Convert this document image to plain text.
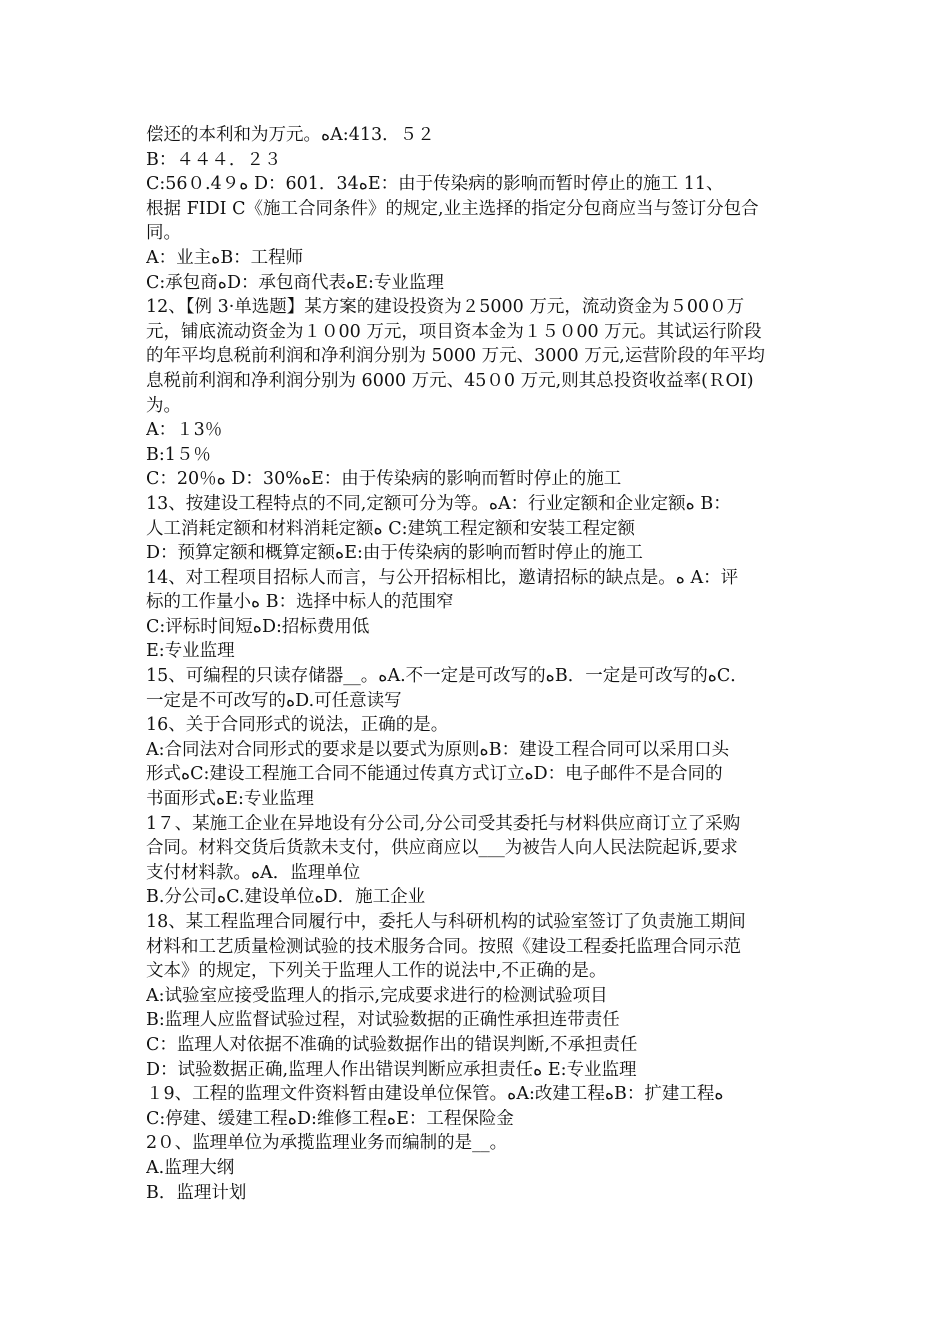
偿还的本利和为万元。ﻩA:413．５２
B：４４４．２３
C:56０.4９ﻩ D：601．34ﻩE：由于传染病的影响而暂时停止的施工 11、
根据 FIDI C《施工合同条件》的规定,业主选择的指定分包商应当与签订分包合
同。
A：业主ﻩB：工程师
C:承包商ﻩD：承包商代表ﻩE:专业监理
12、【例 3·单选题】某方案的建设投资为２5000 万元，流动资金为５00０万
元，铺底流动资金为１０00 万元，项目资本金为１５０00 万元。其试运行阶段
的年平均息税前利润和净利润分别为 5000 万元、3000 万元,运营阶段的年平均
息税前利润和净利润分别为 6000 万元、45０0 万元,则其总投资收益率(ＲOI)
为。
A：１3％
B:1５％
C：20％ﻩ D：30%ﻩE：由于传染病的影响而暂时停止的施工
13、按建设工程特点的不同,定额可分为等。ﻩA：行业定额和企业定额ﻩ B：
人工消耗定额和材料消耗定额ﻩ C:建筑工程定额和安装工程定额
D：预算定额和概算定额ﻩE:由于传染病的影响而暂时停止的施工
14、对工程项目招标人而言，与公开招标相比，邀请招标的缺点是。ﻩ A：评
标的工作量小ﻩ B：选择中标人的范围窄
C:评标时间短ﻩD:招标费用低
E:专业监理
15、可编程的只读存储器__。ﻩA.不一定是可改写的ﻩB．一定是可改写的ﻩC．
一定是不可改写的ﻩD.可任意读写
16、关于合同形式的说法，正确的是。
A:合同法对合同形式的要求是以要式为原则ﻩB：建设工程合同可以采用口头
形式ﻩC:建设工程施工合同不能通过传真方式订立ﻩD：电子邮件不是合同的
书面形式ﻩE:专业监理
1７、某施工企业在异地设有分公司,分公司受其委托与材料供应商订立了采购
合同。材料交货后货款未支付，供应商应以___为被告人向人民法院起诉,要求
支付材料款。ﻩA．监理单位
B.分公司ﻩC.建设单位ﻩD．施工企业
18、某工程监理合同履行中，委托人与科研机构的试验室签订了负责施工期间
材料和工艺质量检测试验的技术服务合同。按照《建设工程委托监理合同示范
文本》的规定，下列关于监理人工作的说法中,不正确的是。
A:试验室应接受监理人的指示,完成要求进行的检测试验项目
B:监理人应监督试验过程，对试验数据的正确性承担连带责任
C：监理人对依据不准确的试验数据作出的错误判断,不承担责任
D：试验数据正确,监理人作出错误判断应承担责任ﻩ E:专业监理
１9、工程的监理文件资料暂由建设单位保管。ﻩA:改建工程ﻩB：扩建工程ﻩ
C:停建、缓建工程ﻩD:维修工程ﻩE：工程保险金
2０、监理单位为承揽监理业务而编制的是__。
A.监理大纲
B．监理计划
